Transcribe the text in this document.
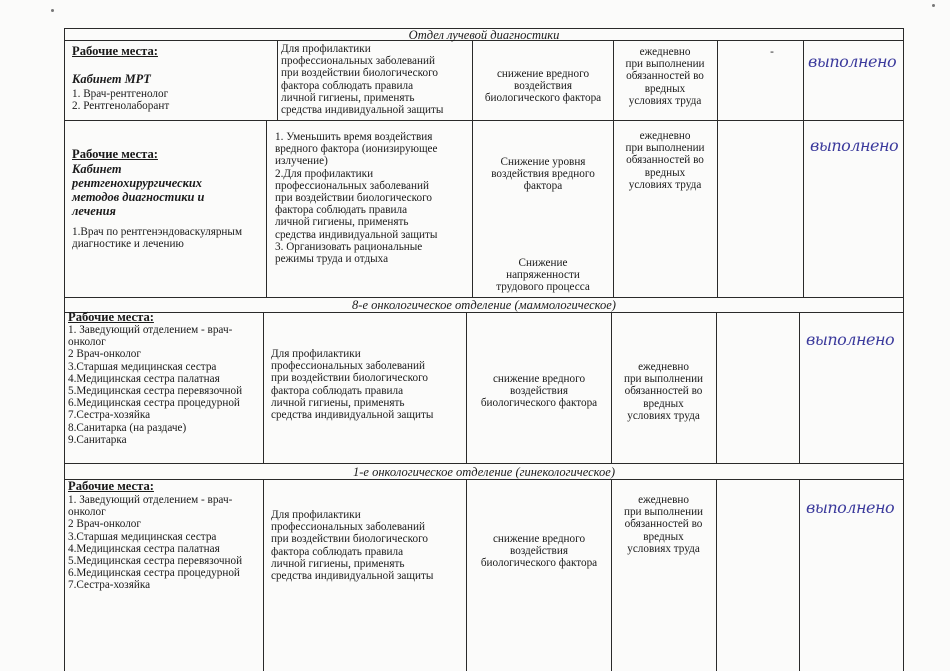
Отдел лучевой диагностики
8-е онкологическое отделение (маммологическое)
1-е онкологическое отделение (гинекологическое)
Рабочие места:
Кабинет МРТ
1. Врач-рентгенолог
2. Рентгенолаборант
Для профилактики
профессиональных заболеваний
при воздействии биологического
фактора соблюдать правила
личной гигиены, применять
средства индивидуальной защиты
снижение вредного
воздействия
биологического фактора
ежедневно
при выполнении
обязанностей во
вредных
условиях труда
-	выполнено
Рабочие места:
Кабинет
рентгенохирургических
методов диагностики и
лечения
1.Врач по рентгенэндоваскулярным
диагностике и лечению
1. Уменьшить время воздействия
вредного фактора (ионизирующее
излучение)
2.Для профилактики
профессиональных заболеваний
при воздействии биологического
фактора соблюдать правила
личной гигиены, применять
средства индивидуальной защиты
3. Организовать рациональные
режимы труда и отдыха
Снижение уровня
воздействия вредного
фактора
Снижение
напряженности
трудового процесса
ежедневно
при выполнении
обязанностей во
вредных
условиях труда
выполнено
Рабочие места:
1. Заведующий отделением - врач-
онколог
2 Врач-онколог
3.Старшая медицинская сестра
4.Медицинская сестра палатная
5.Медицинская сестра перевязочной
6.Медицинская сестра процедурной
7.Сестра-хозяйка
8.Санитарка (на раздаче)
9.Санитарка
Для профилактики
профессиональных заболеваний
при воздействии биологического
фактора соблюдать правила
личной гигиены, применять
средства индивидуальной защиты
снижение вредного
воздействия
биологического фактора
ежедневно
при выполнении
обязанностей во
вредных
условиях труда
выполнено
Рабочие места:
1. Заведующий отделением - врач-
онколог
2 Врач-онколог
3.Старшая медицинская сестра
4.Медицинская сестра палатная
5.Медицинская сестра перевязочной
6.Медицинская сестра процедурной
7.Сестра-хозяйка
Для профилактики
профессиональных заболеваний
при воздействии биологического
фактора соблюдать правила
личной гигиены, применять
средства индивидуальной защиты
снижение вредного
воздействия
биологического фактора
ежедневно
при выполнении
обязанностей во
вредных
условиях труда
выполнено
